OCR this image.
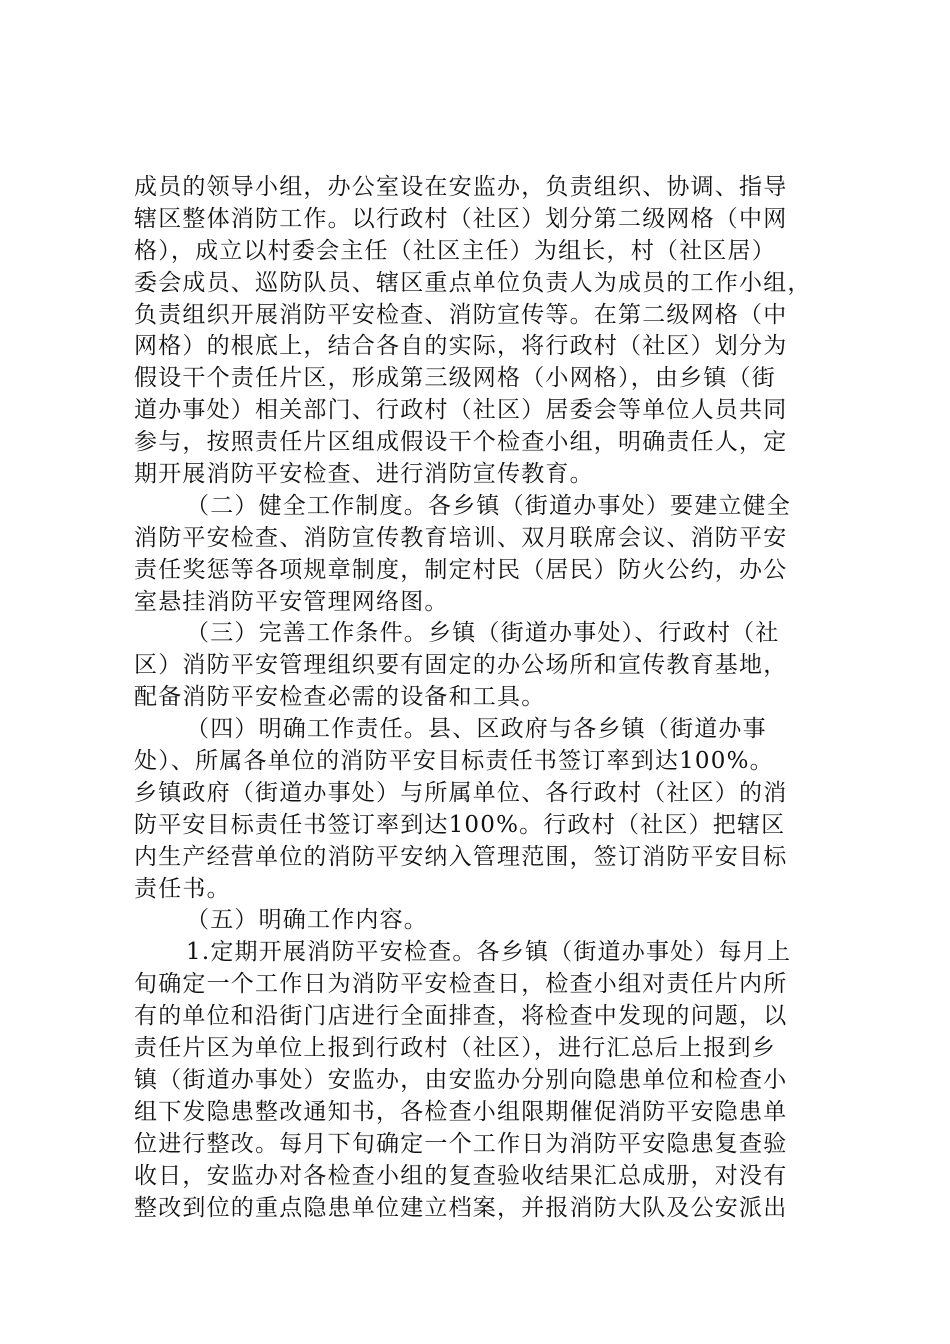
成员的领导小组，办公室设在安监办，负责组织、协调、指导
辖区整体消防工作。以行政村（社区）划分第二级网格（中网
格），成立以村委会主任（社区主任）为组长，村（社区居）
委会成员、巡防队员、辖区重点单位负责人为成员的工作小组，
负责组织开展消防平安检查、消防宣传等。在第二级网格（中
网格）的根底上，结合各自的实际，将行政村（社区）划分为
假设干个责任片区，形成第三级网格（小网格），由乡镇（街
道办事处）相关部门、行政村（社区）居委会等单位人员共同
参与，按照责任片区组成假设干个检查小组，明确责任人，定
期开展消防平安检查、进行消防宣传教育。
（二）健全工作制度。各乡镇（街道办事处）要建立健全
消防平安检查、消防宣传教育培训、双月联席会议、消防平安
责任奖惩等各项规章制度，制定村民（居民）防火公约，办公
室悬挂消防平安管理网络图。
（三）完善工作条件。乡镇（街道办事处）、行政村（社
区）消防平安管理组织要有固定的办公场所和宣传教育基地，
配备消防平安检查必需的设备和工具。
（四）明确工作责任。县、区政府与各乡镇（街道办事
处）、所属各单位的消防平安目标责任书签订率到达100%。
乡镇政府（街道办事处）与所属单位、各行政村（社区）的消
防平安目标责任书签订率到达100%。行政村（社区）把辖区
内生产经营单位的消防平安纳入管理范围，签订消防平安目标
责任书。
（五）明确工作内容。
1.定期开展消防平安检查。各乡镇（街道办事处）每月上
旬确定一个工作日为消防平安检查日，检查小组对责任片内所
有的单位和沿街门店进行全面排查，将检查中发现的问题，以
责任片区为单位上报到行政村（社区），进行汇总后上报到乡
镇（街道办事处）安监办，由安监办分别向隐患单位和检查小
组下发隐患整改通知书，各检查小组限期催促消防平安隐患单
位进行整改。每月下旬确定一个工作日为消防平安隐患复查验
收日，安监办对各检查小组的复查验收结果汇总成册，对没有
整改到位的重点隐患单位建立档案，并报消防大队及公安派出
